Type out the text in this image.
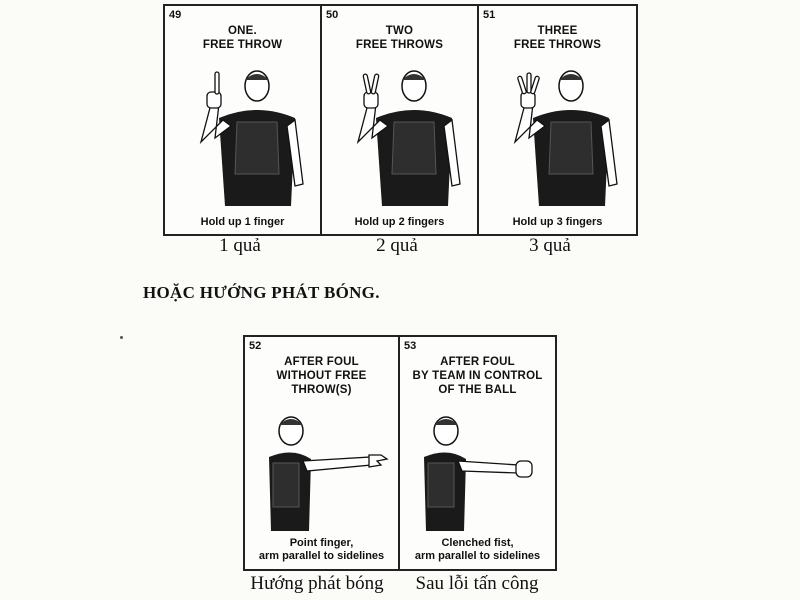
49
ONE.
FREE THROW
Hold up 1 finger
50
TWO
FREE THROWS
Hold up 2 fingers
51
THREE
FREE THROWS
Hold up 3 fingers
1 quả	2 quả	3 quả
HOẶC HƯỚNG PHÁT BÓNG.
52
AFTER FOUL
WITHOUT FREE THROW(S)
Point finger,
arm parallel to sidelines
53
AFTER FOUL
BY TEAM IN CONTROL
OF THE BALL
Clenched fist,
arm parallel to sidelines
Hướng phát bóng	Sau lỗi tấn công
